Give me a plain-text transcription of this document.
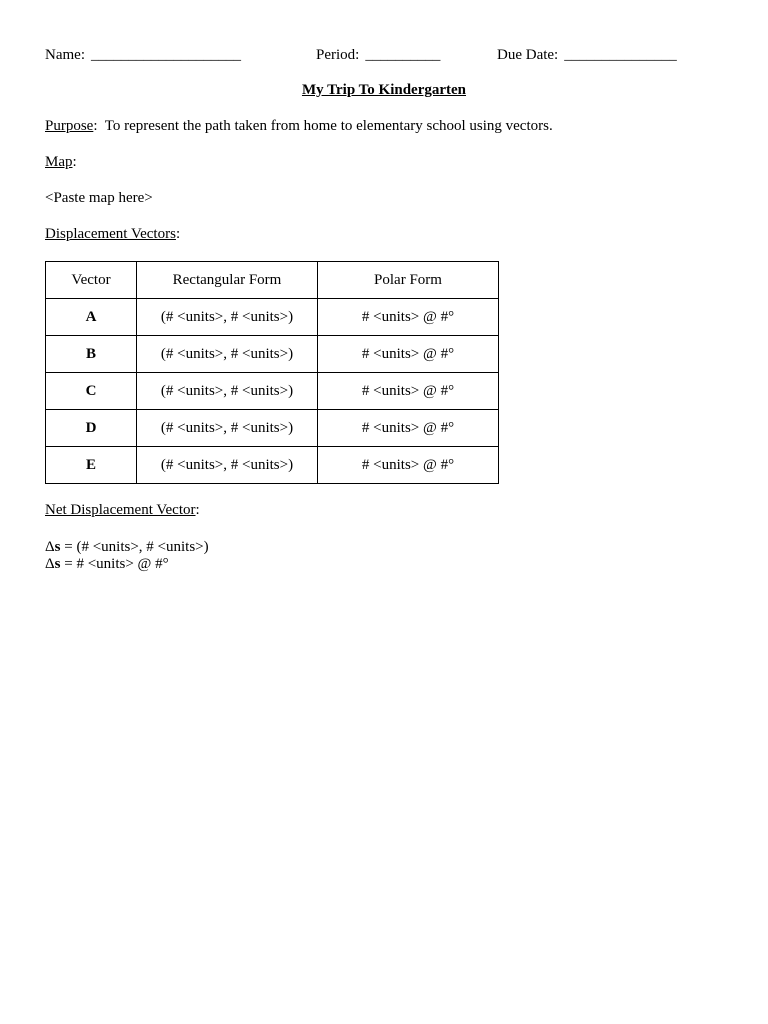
Name: ____________________	Period: __________	Due Date: _______________
My Trip To Kindergarten
Purpose:  To represent the path taken from home to elementary school using vectors.
Map:
<Paste map here>
Displacement Vectors:
Vector	Rectangular Form	Polar Form
A	(# <units>, # <units>)	# <units> @ #°
B	(# <units>, # <units>)	# <units> @ #°
C	(# <units>, # <units>)	# <units> @ #°
D	(# <units>, # <units>)	# <units> @ #°
E	(# <units>, # <units>)	# <units> @ #°
Net Displacement Vector:
Δs = (# <units>, # <units>)
Δs = # <units> @ #°
